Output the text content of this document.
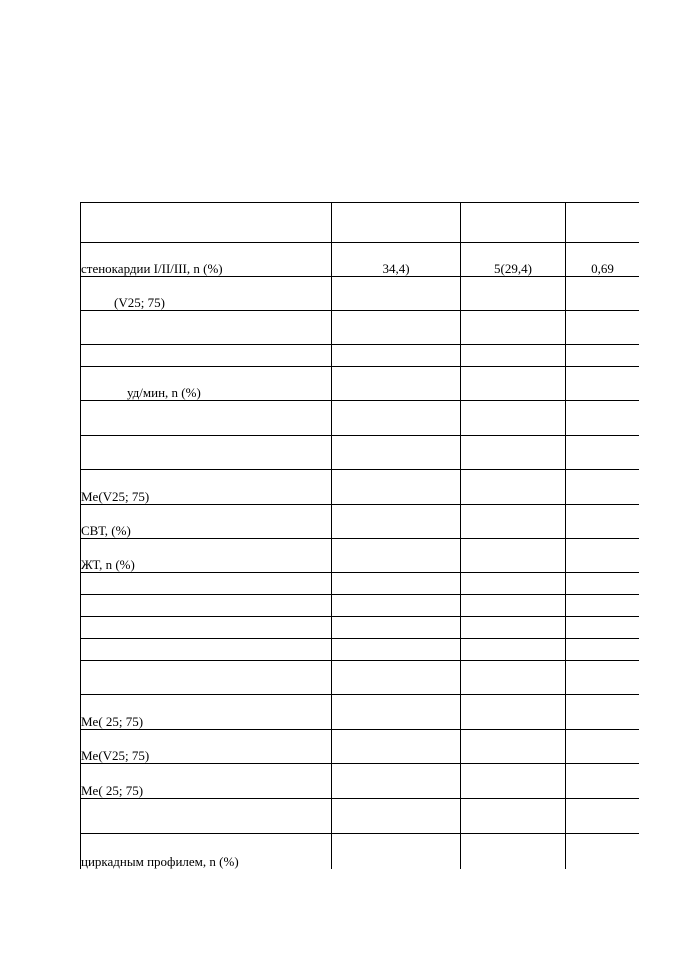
стенокардии I/II/III, n (%)	34,4)	5(29,4)	0,69

(V25; 75)			

уд/мин, n (%)			

Me(V25; 75)			

СВТ, (%)			

ЖТ, n (%)			

Me( 25; 75)			

Me(V25; 75)			

Me( 25; 75)			

циркадным профилем, n (%)			
